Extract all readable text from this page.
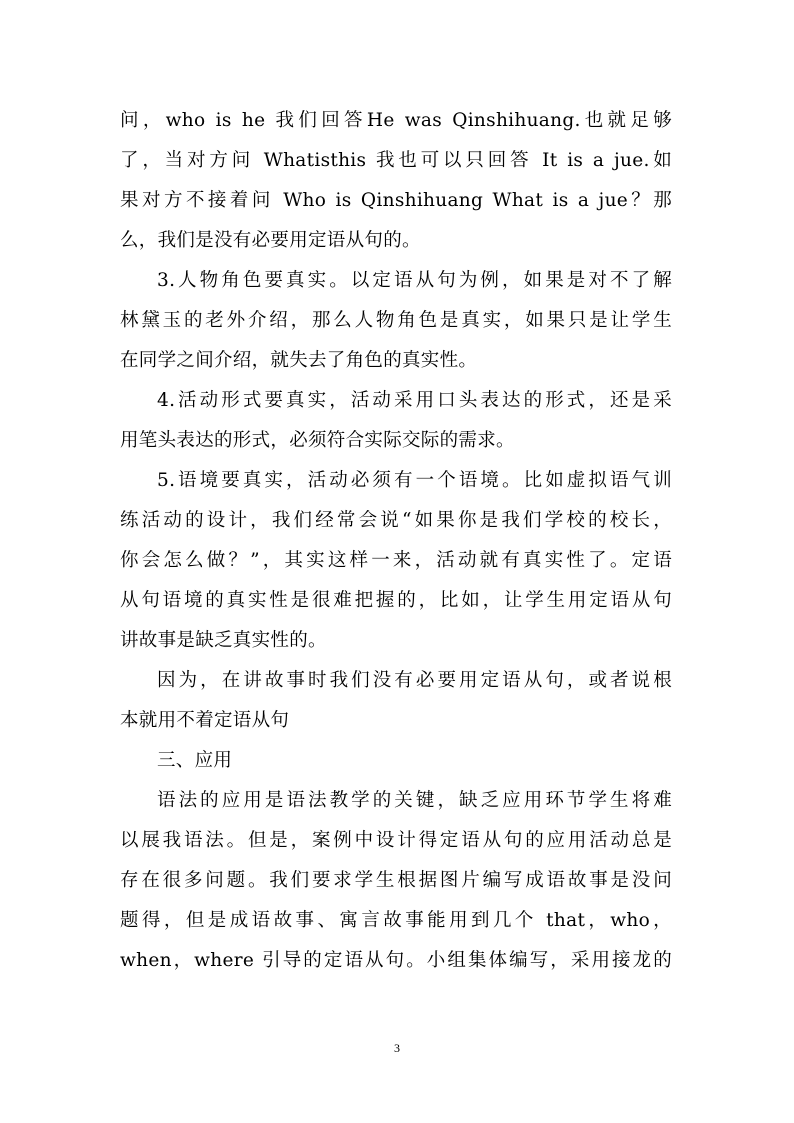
问，who is he 我们回答He was Qinshihuang.也就足够
了，当对方问 Whatisthis 我也可以只回答 It is a jue.如
果对方不接着问 Who is Qinshihuang What is a jue？那
么，我们是没有必要用定语从句的。
3.人物角色要真实。以定语从句为例，如果是对不了解
林黛玉的老外介绍，那么人物角色是真实，如果只是让学生
在同学之间介绍，就失去了角色的真实性。
4.活动形式要真实，活动采用口头表达的形式，还是采
用笔头表达的形式，必须符合实际交际的需求。
5.语境要真实，活动必须有一个语境。比如虚拟语气训
练活动的设计，我们经常会说“如果你是我们学校的校长，
你会怎么做？”，其实这样一来，活动就有真实性了。定语
从句语境的真实性是很难把握的，比如，让学生用定语从句
讲故事是缺乏真实性的。
因为，在讲故事时我们没有必要用定语从句，或者说根
本就用不着定语从句
三、应用
语法的应用是语法教学的关键，缺乏应用环节学生将难
以展我语法。但是，案例中设计得定语从句的应用活动总是
存在很多问题。我们要求学生根据图片编写成语故事是没问
题得，但是成语故事、寓言故事能用到几个 that，who，
when，where 引导的定语从句。小组集体编写，采用接龙的
3
